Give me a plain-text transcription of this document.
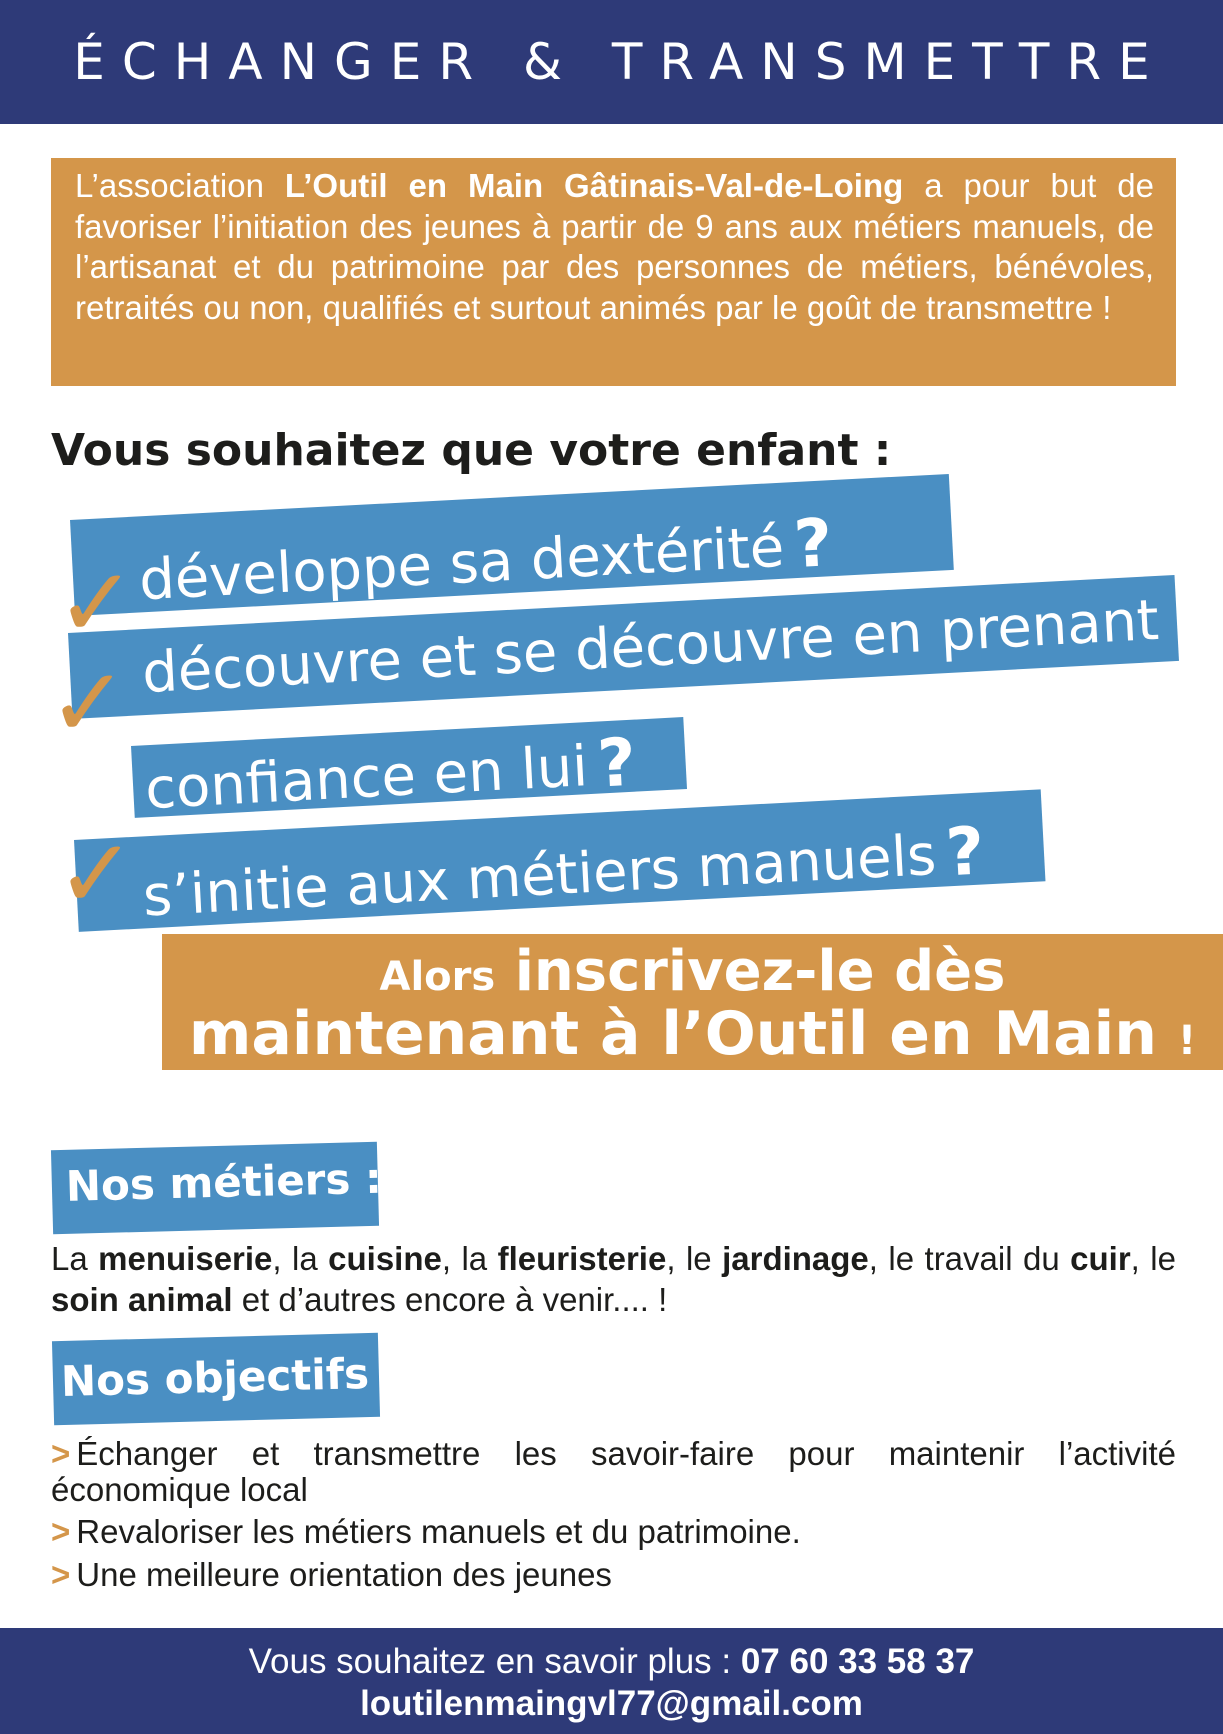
ÉCHANGER & TRANSMETTRE
L’association L’Outil en Main Gâtinais-Val-de-Loing a pour but de favoriser l’initiation des jeunes à partir de 9 ans aux métiers manuels, de l’artisanat et du patrimoine par des personnes de métiers, bénévoles, retraités ou non, qualifiés et surtout animés par le goût de transmettre !
Vous souhaitez que votre enfant :
développe sa dextérité?
✓ découvre et se découvre en prenant
confiance en lui?
✓
s’initie aux métiers manuels?
✓
Alors inscrivez-le dès
maintenant à l’Outil en Main !
Nos métiers :
La menuiserie, la cuisine, la fleuristerie, le jardinage, le travail du cuir, le soin animal et d’autres encore à venir.... !
Nos objectifs :
> Échanger et transmettre les savoir-faire pour maintenir l’activité économique local
> Revaloriser les métiers manuels et du patrimoine.
> Une meilleure orientation des jeunes
Vous souhaitez en savoir plus : 07 60 33 58 37
loutilenmaingvl77@gmail.com
